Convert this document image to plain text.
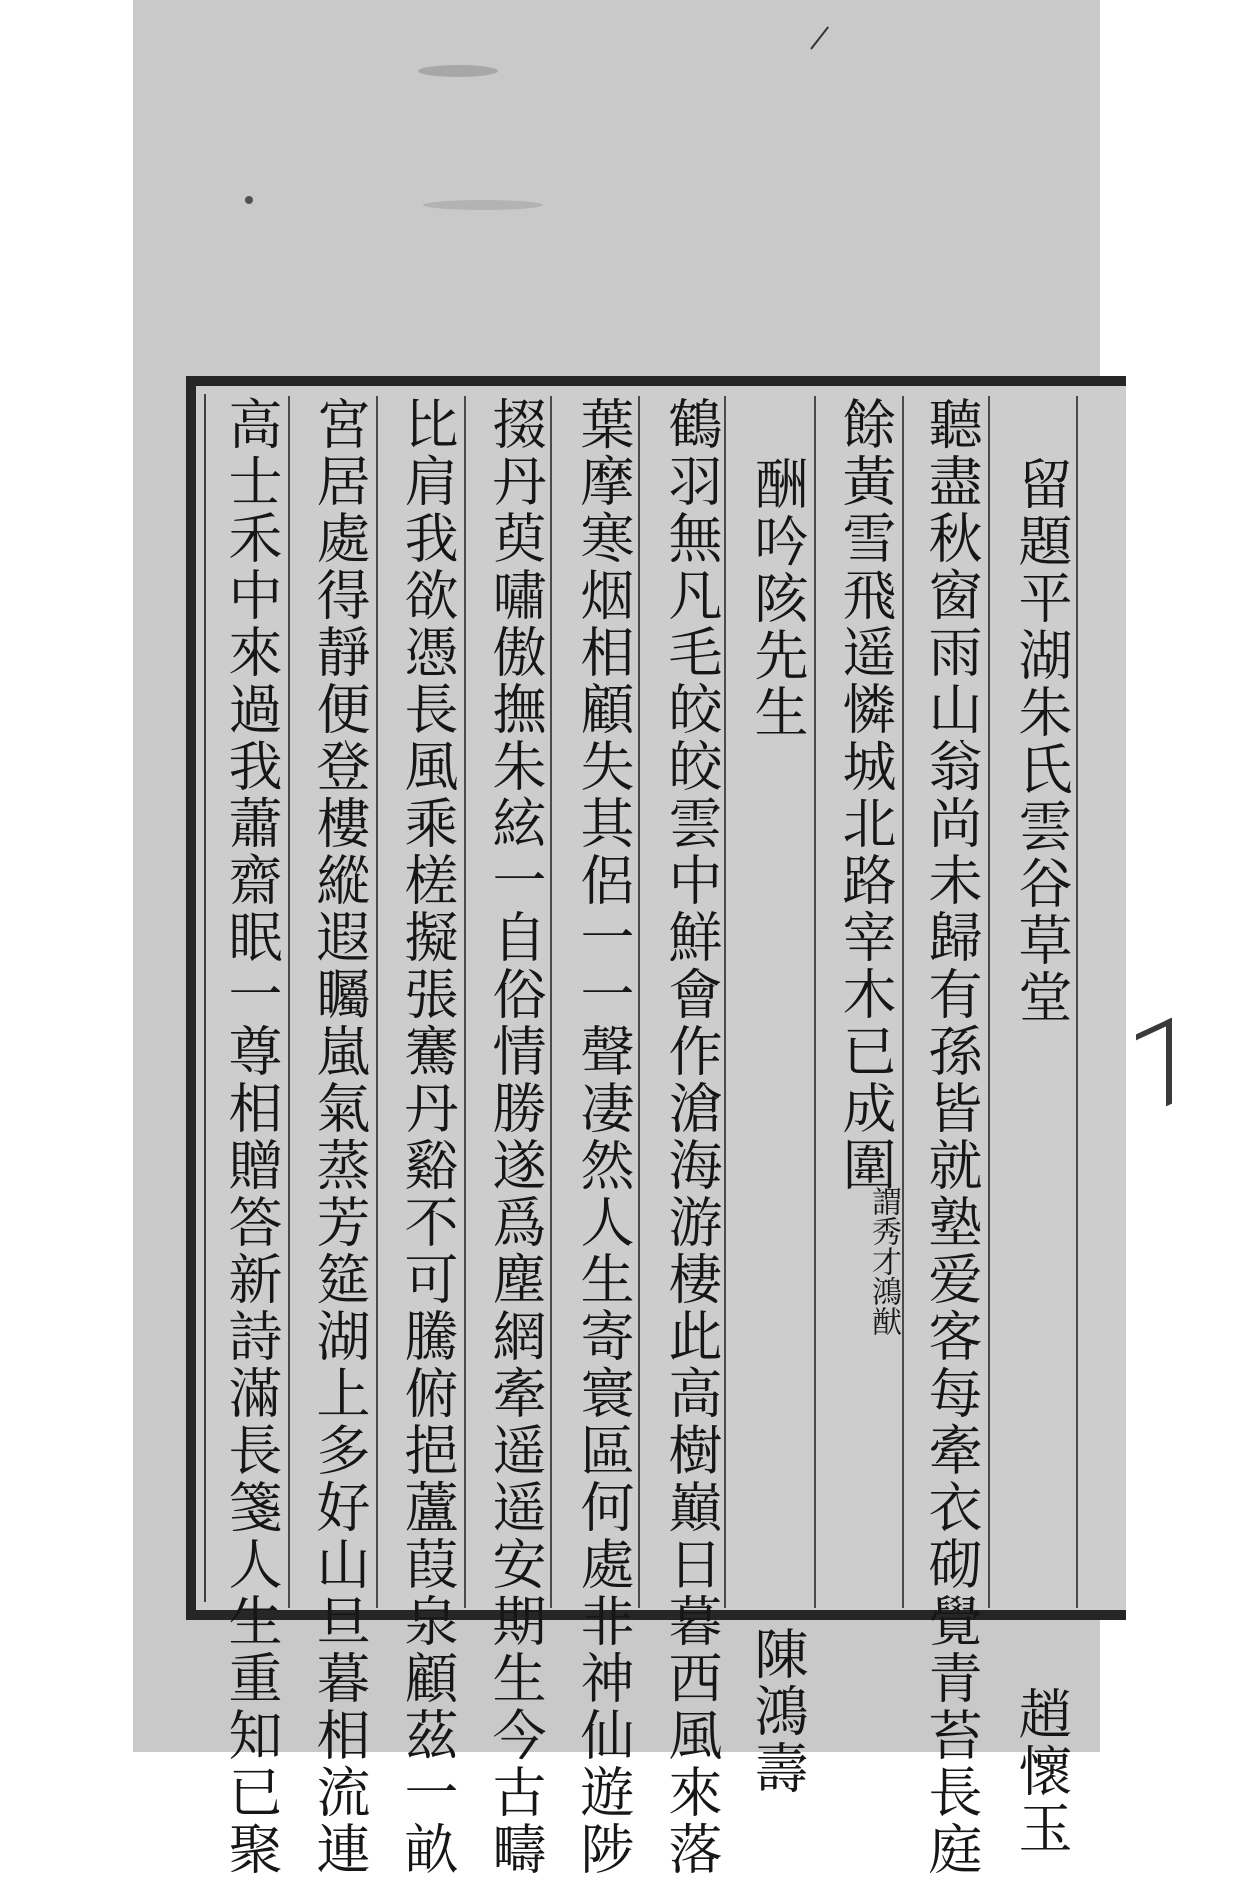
留題平湖朱氏雲谷草堂
趙懷玉
聽盡秋窗雨山翁尚未歸有孫皆就塾爱客每牽衣砌覺青苔長庭
餘黃雪飛遥憐城北路宰木已成圍
謂秀才鴻猷
酬吟陔先生
陳鴻壽
鶴羽無凡毛皎皎雲中鮮會作滄海游棲此高樹巔日暮西風來落
葉摩寒烟相顧失其侶一一聲凄然人生寄寰區何處非神仙遊陟
掇丹萸嘯傲撫朱絃一自俗情勝遂爲塵網牽遥遥安期生今古疇
比肩我欲憑長風乘槎擬張騫丹谿不可騰俯挹蘆葭泉顧茲一畝
宮居處得靜便登樓縱遐矚嵐氣蒸芳筵湖上多好山旦暮相流連
高士禾中來過我蕭齋眠一尊相贈答新詩滿長箋人生重知已聚
